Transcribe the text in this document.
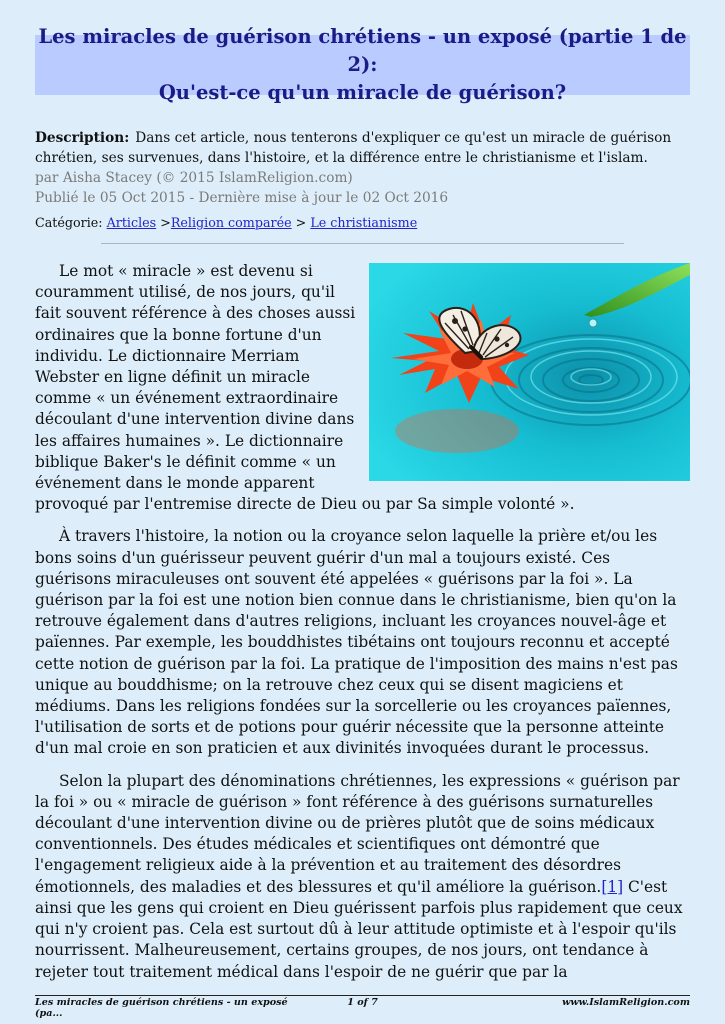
Les miracles de guérison chrétiens - un exposé (partie 1 de 2):
Qu'est-ce qu'un miracle de guérison?
Description: Dans cet article, nous tenterons d'expliquer ce qu'est un miracle de guérison chrétien, ses survenues, dans l'histoire, et la différence entre le christianisme et l'islam.
par Aisha Stacey (© 2015 IslamReligion.com)
Publié le 05 Oct 2015 - Dernière mise à jour le 02 Oct 2016
Catégorie: Articles >Religion comparée > Le christianisme

Le mot « miracle » est devenu si couramment utilisé, de nos jours, qu'il fait souvent référence à des choses aussi ordinaires que la bonne fortune d'un individu. Le dictionnaire Merriam Webster en ligne définit un miracle comme « un événement extraordinaire découlant d'une intervention divine dans les affaires humaines ». Le dictionnaire biblique Baker's le définit comme « un événement dans le monde apparent provoqué par l'entremise directe de Dieu ou par Sa simple volonté ».

À travers l'histoire, la notion ou la croyance selon laquelle la prière et/ou les bons soins d'un guérisseur peuvent guérir d'un mal a toujours existé. Ces guérisons miraculeuses ont souvent été appelées « guérisons par la foi ». La guérison par la foi est une notion bien connue dans le christianisme, bien qu'on la retrouve également dans d'autres religions, incluant les croyances nouvel-âge et païennes. Par exemple, les bouddhistes tibétains ont toujours reconnu et accepté cette notion de guérison par la foi. La pratique de l'imposition des mains n'est pas unique au bouddhisme; on la retrouve chez ceux qui se disent magiciens et médiums. Dans les religions fondées sur la sorcellerie ou les croyances païennes, l'utilisation de sorts et de potions pour guérir nécessite que la personne atteinte d'un mal croie en son praticien et aux divinités invoquées durant le processus.

Selon la plupart des dénominations chrétiennes, les expressions « guérison par la foi » ou « miracle de guérison » font référence à des guérisons surnaturelles découlant d'une intervention divine ou de prières plutôt que de soins médicaux conventionnels. Des études médicales et scientifiques ont démontré que l'engagement religieux aide à la prévention et au traitement des désordres émotionnels, des maladies et des blessures et qu'il améliore la guérison.[1] C'est ainsi que les gens qui croient en Dieu guérissent parfois plus rapidement que ceux qui n'y croient pas. Cela est surtout dû à leur attitude optimiste et à l'espoir qu'ils nourrissent. Malheureusement, certains groupes, de nos jours, ont tendance à rejeter tout traitement médical dans l'espoir de ne guérir que par la

Les miracles de guérison chrétiens - un exposé (pa...
1 of 7	www.IslamReligion.com
